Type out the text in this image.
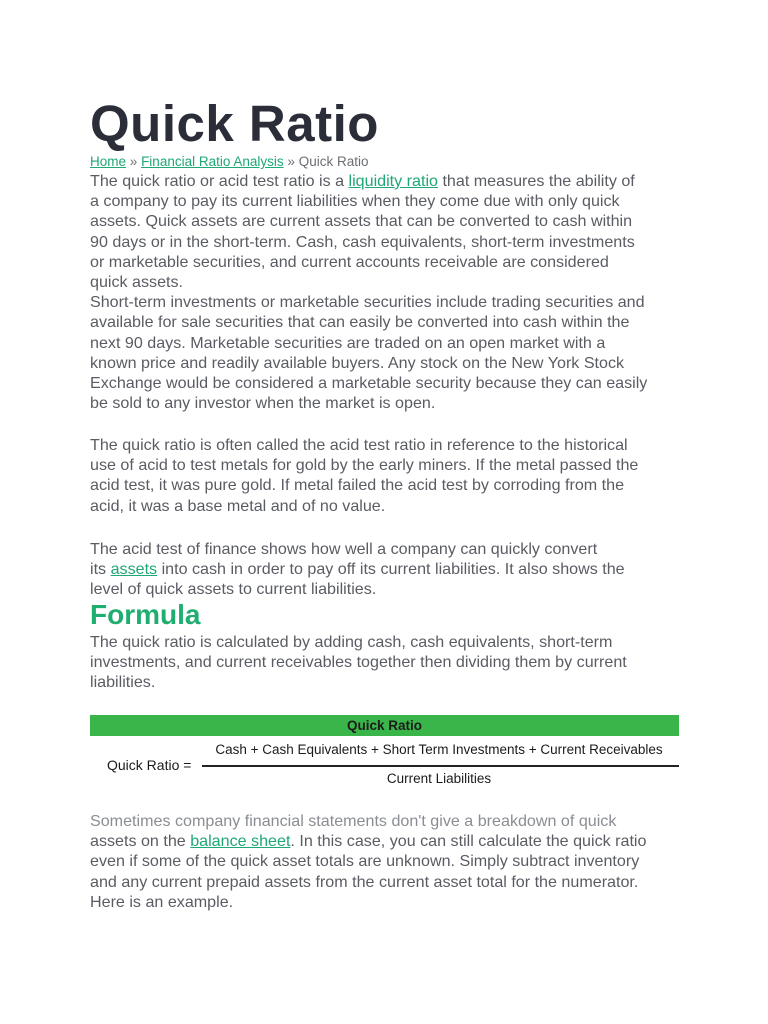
Quick Ratio
Home » Financial Ratio Analysis » Quick Ratio
The quick ratio or acid test ratio is a liquidity ratio that measures the ability of
a company to pay its current liabilities when they come due with only quick
assets. Quick assets are current assets that can be converted to cash within
90 days or in the short-term. Cash, cash equivalents, short-term investments
or marketable securities, and current accounts receivable are considered
quick assets.
Short-term investments or marketable securities include trading securities and
available for sale securities that can easily be converted into cash within the
next 90 days. Marketable securities are traded on an open market with a
known price and readily available buyers. Any stock on the New York Stock
Exchange would be considered a marketable security because they can easily
be sold to any investor when the market is open.
The quick ratio is often called the acid test ratio in reference to the historical
use of acid to test metals for gold by the early miners. If the metal passed the
acid test, it was pure gold. If metal failed the acid test by corroding from the
acid, it was a base metal and of no value.
The acid test of finance shows how well a company can quickly convert
its assets into cash in order to pay off its current liabilities. It also shows the
level of quick assets to current liabilities.
Formula
The quick ratio is calculated by adding cash, cash equivalents, short-term
investments, and current receivables together then dividing them by current
liabilities.
Sometimes company financial statements don't give a breakdown of quick
assets on the balance sheet. In this case, you can still calculate the quick ratio
even if some of the quick asset totals are unknown. Simply subtract inventory
and any current prepaid assets from the current asset total for the numerator.
Here is an example.
Quick Ratio
Quick Ratio =
Cash + Cash Equivalents + Short Term Investments + Current Receivables
Current Liabilities
